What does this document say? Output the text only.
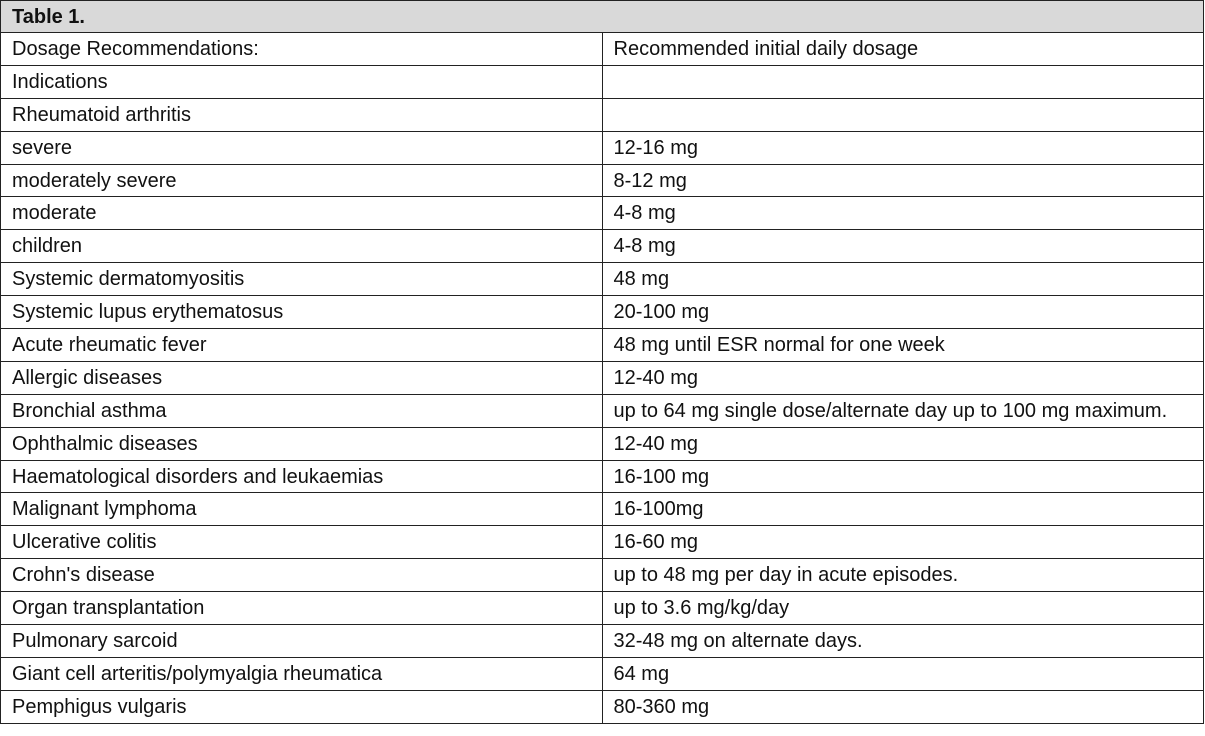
Table 1.	
Dosage Recommendations:	Recommended initial daily dosage
Indications	
Rheumatoid arthritis	
severe	12-16 mg
moderately severe	8-12 mg
moderate	4-8 mg
children	4-8 mg
Systemic dermatomyositis	48 mg
Systemic lupus erythematosus	20-100 mg
Acute rheumatic fever	48 mg until ESR normal for one week
Allergic diseases	12-40 mg
Bronchial asthma	up to 64 mg single dose/alternate day up to 100 mg maximum.
Ophthalmic diseases	12-40 mg
Haematological disorders and leukaemias	16-100 mg
Malignant lymphoma	16-100mg
Ulcerative colitis	16-60 mg
Crohn's disease	up to 48 mg per day in acute episodes.
Organ transplantation	up to 3.6 mg/kg/day
Pulmonary sarcoid	32-48 mg on alternate days.
Giant cell arteritis/polymyalgia rheumatica	64 mg
Pemphigus vulgaris	80-360 mg
